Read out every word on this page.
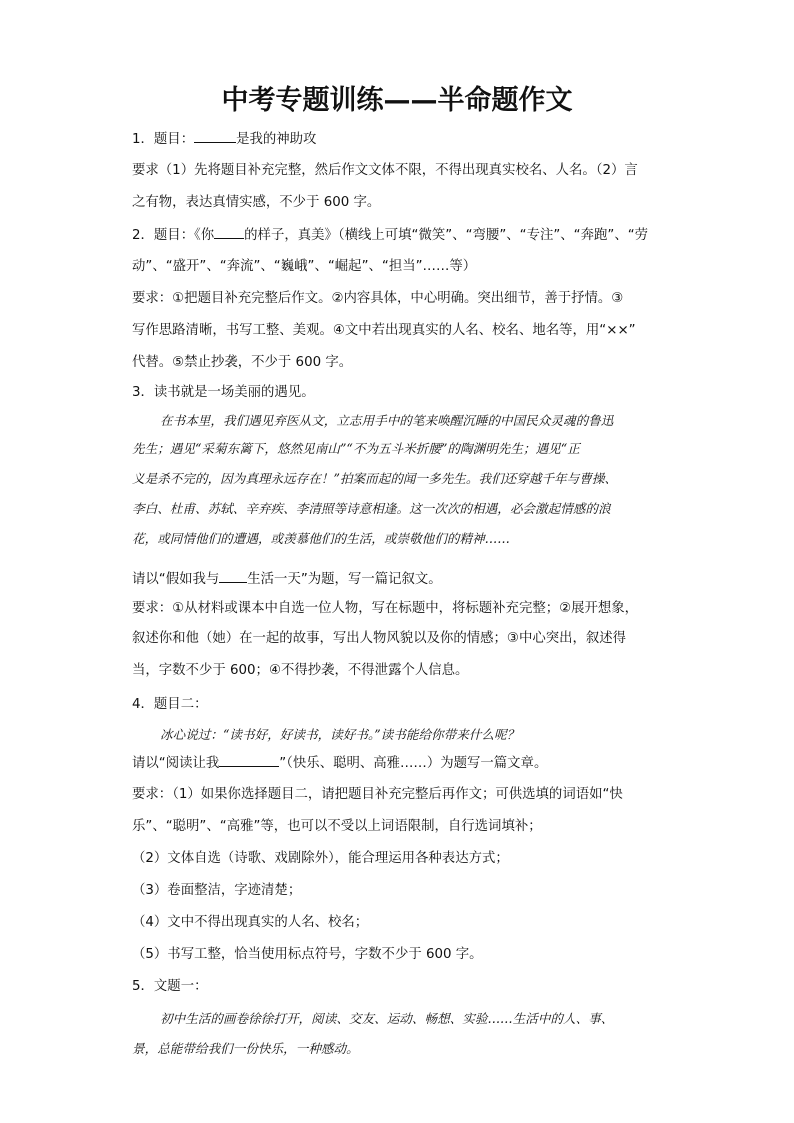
中考专题训练——半命题作文
1．题目：	是我的神助攻
要求（1）先将题目补充完整，然后作文文体不限，不得出现真实校名、人名。（2）言
之有物，表达真情实感，不少于 600 字。
2．题目：《你 的样子，真美》（横线上可填“微笑”、“弯腰”、“专注”、“奔跑”、“劳
动”、“盛开”、“奔流”、“巍峨”、“崛起”、“担当”……等）
要求：①把题目补充完整后作文。②内容具体，中心明确。突出细节，善于抒情。③
写作思路清晰，书写工整、美观。④文中若出现真实的人名、校名、地名等，用“××”
代替。⑤禁止抄袭，不少于 600 字。
3．读书就是一场美丽的遇见。
在书本里，我们遇见弃医从文，立志用手中的笔来唤醒沉睡的中国民众灵魂的鲁迅
先生；遇见“采菊东篱下，悠然见南山”“不为五斗米折腰”的陶渊明先生；遇见“正
义是杀不完的，因为真理永远存在！”拍案而起的闻一多先生。我们还穿越千年与曹操、
李白、杜甫、苏轼、辛弃疾、李清照等诗意相逢。这一次次的相遇，必会激起情感的浪
花，或同情他们的遭遇，或羡慕他们的生活，或崇敬他们的精神……
请以“假如我与 生活一天”为题，写一篇记叙文。
要求：①从材料或课本中自选一位人物，写在标题中，将标题补充完整；②展开想象，
叙述你和他（她）在一起的故事，写出人物风貌以及你的情感；③中心突出，叙述得
当，字数不少于 600；④不得抄袭，不得泄露个人信息。
4．题目二：
冰心说过：“读书好，好读书，读好书。”读书能给你带来什么呢？
请以“阅读让我	”（快乐、聪明、高雅……）为题写一篇文章。
要求：（1）如果你选择题目二，请把题目补充完整后再作文；可供选填的词语如“快
乐”、“聪明”、“高雅”等，也可以不受以上词语限制，自行选词填补；
（2）文体自选（诗歌、戏剧除外），能合理运用各种表达方式；
（3）卷面整洁，字迹清楚；
（4）文中不得出现真实的人名、校名；
（5）书写工整，恰当使用标点符号，字数不少于 600 字。
5．文题一：
初中生活的画卷徐徐打开，阅读、交友、运动、畅想、实验……生活中的人、事、
景，总能带给我们一份快乐，一种感动。
